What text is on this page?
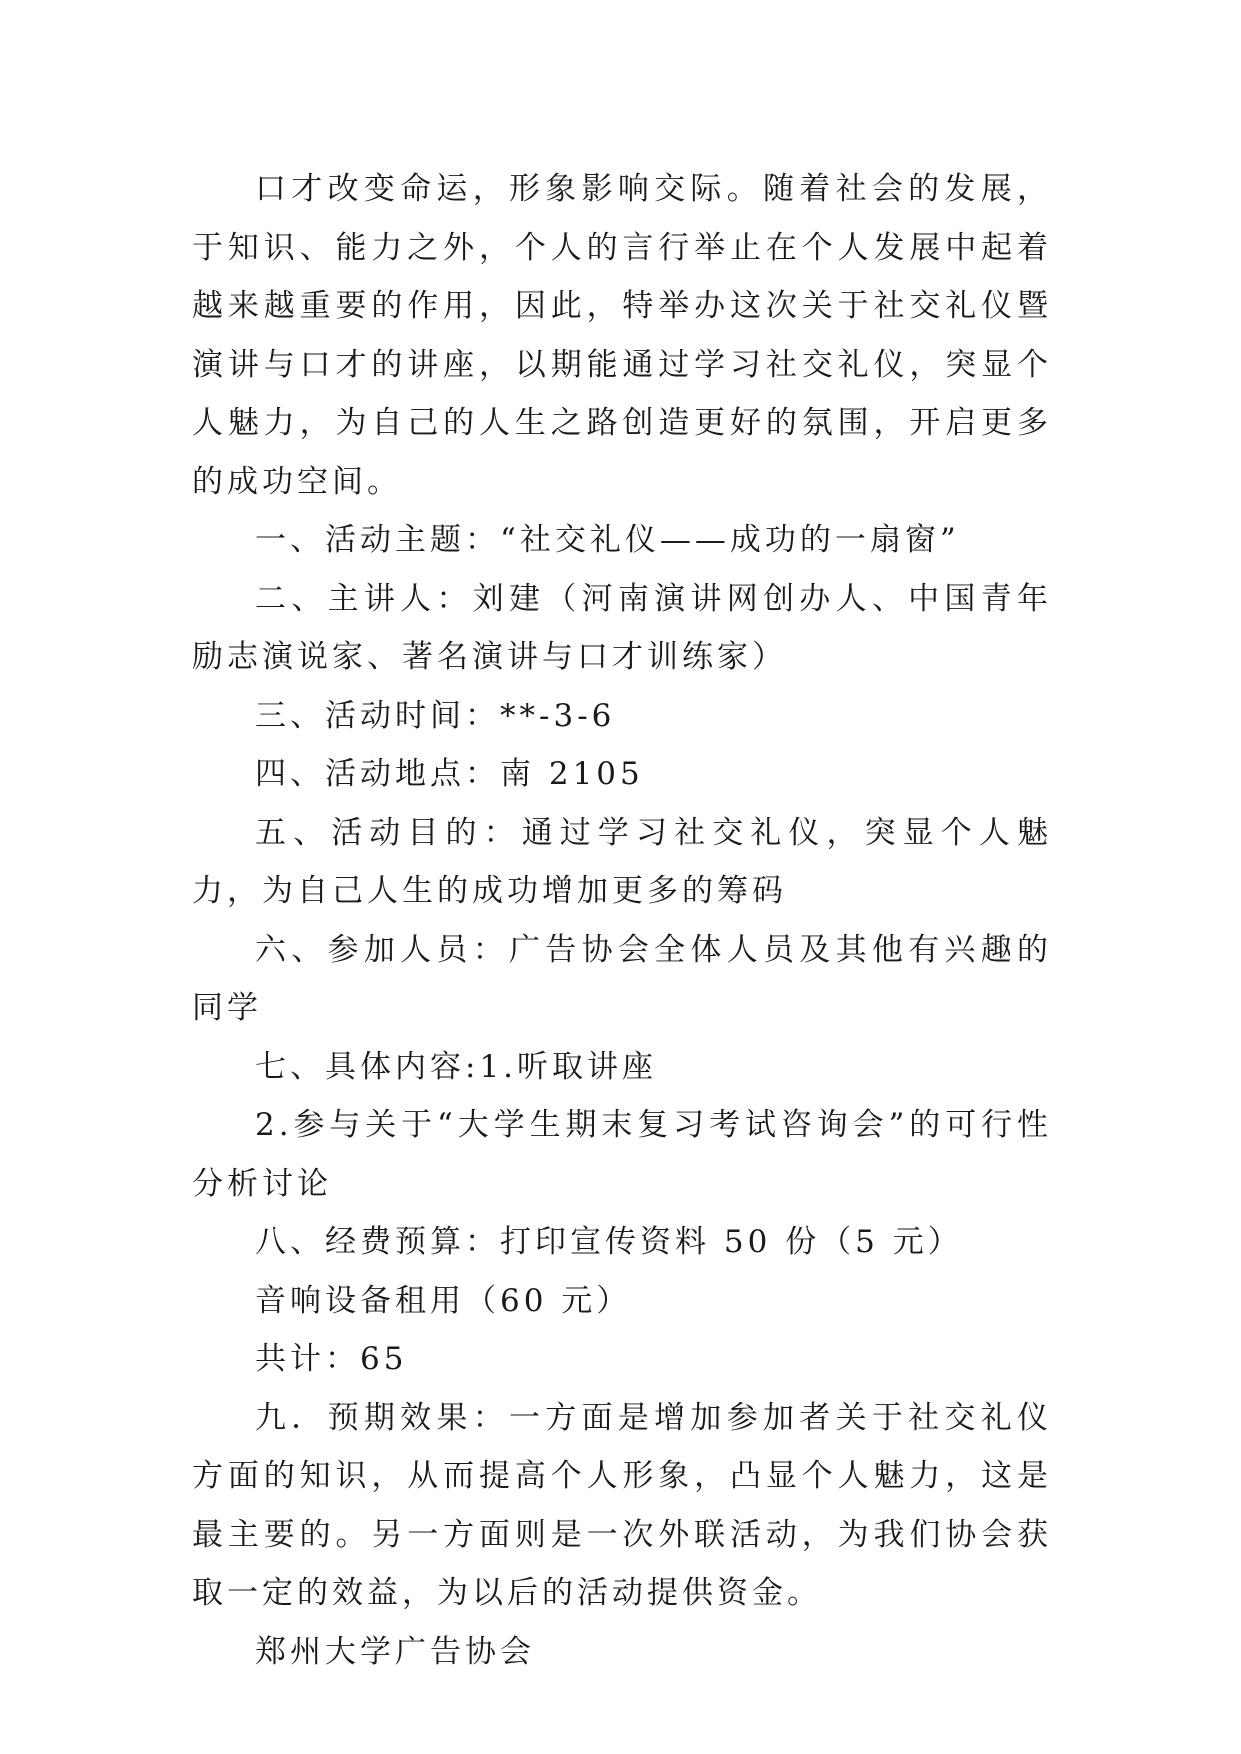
口才改变命运，形象影响交际。随着社会的发展，于知识、能力之外，个人的言行举止在个人发展中起着越来越重要的作用，因此，特举办这次关于社交礼仪暨演讲与口才的讲座，以期能通过学习社交礼仪，突显个人魅力，为自己的人生之路创造更好的氛围，开启更多的成功空间。

一、活动主题：“社交礼仪——成功的一扇窗”

二、主讲人：刘建（河南演讲网创办人、中国青年励志演说家、著名演讲与口才训练家）

三、活动时间：**-3-6

四、活动地点：南 2105

五、活动目的：通过学习社交礼仪，突显个人魅力，为自己人生的成功增加更多的筹码

六、参加人员：广告协会全体人员及其他有兴趣的同学

七、具体内容:1.听取讲座

2.参与关于“大学生期末复习考试咨询会”的可行性分析讨论

八、经费预算：打印宣传资料 50 份（5 元）

音响设备租用（60 元）

共计：65

九．预期效果：一方面是增加参加者关于社交礼仪方面的知识，从而提高个人形象，凸显个人魅力，这是最主要的。另一方面则是一次外联活动，为我们协会获取一定的效益，为以后的活动提供资金。

郑州大学广告协会
